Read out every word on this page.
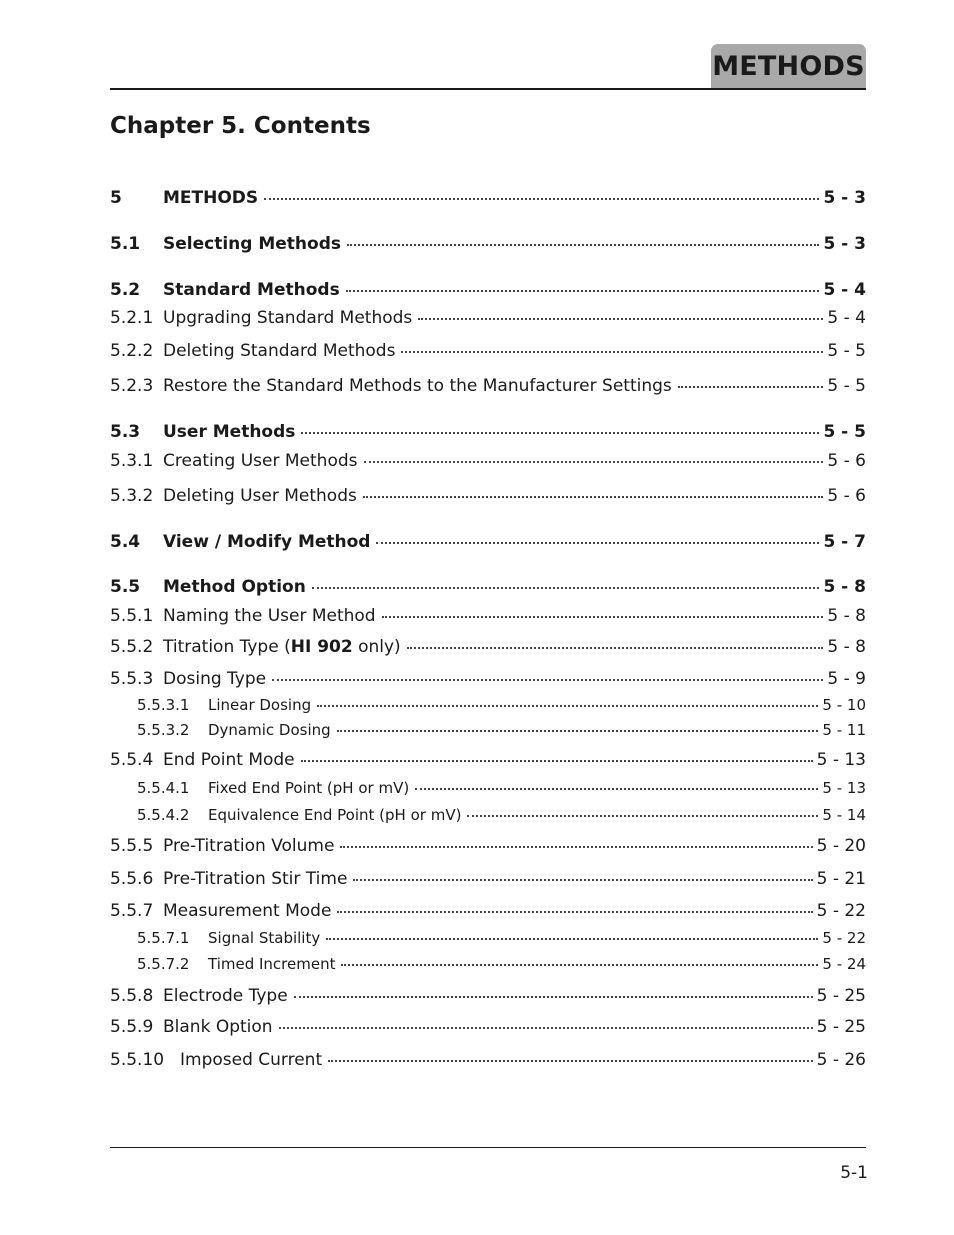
METHODS
Chapter 5. Contents
5	METHODS	5 - 3
5.1	Selecting Methods	5 - 3
5.2	Standard Methods	5 - 4
5.2.1 Upgrading Standard Methods	5 - 4
5.2.2 Deleting Standard Methods	5 - 5
5.2.3 Restore the Standard Methods to the Manufacturer Settings	5 - 5
5.3	User Methods	5 - 5
5.3.1 Creating User Methods	5 - 6
5.3.2 Deleting User Methods	5 - 6
5.4	View / Modify Method	5 - 7
5.5	Method Option	5 - 8
5.5.1 Naming the User Method	5 - 8
5.5.2 Titration Type (HI 902 only)	5 - 8
5.5.3 Dosing Type	5 - 9
5.5.3.1	Linear Dosing	5 - 10
5.5.3.2	Dynamic Dosing	5 - 11
5.5.4 End Point Mode	5 - 13
5.5.4.1	Fixed End Point (pH or mV)	5 - 13
5.5.4.2	Equivalence End Point (pH or mV)	5 - 14
5.5.5 Pre-Titration Volume	5 - 20
5.5.6 Pre-Titration Stir Time	5 - 21
5.5.7 Measurement Mode	5 - 22
5.5.7.1	Signal Stability	5 - 22
5.5.7.2	Timed Increment	5 - 24
5.5.8 Electrode Type	5 - 25
5.5.9 Blank Option	5 - 25
5.5.10 Imposed Current	5 - 26
5-1
